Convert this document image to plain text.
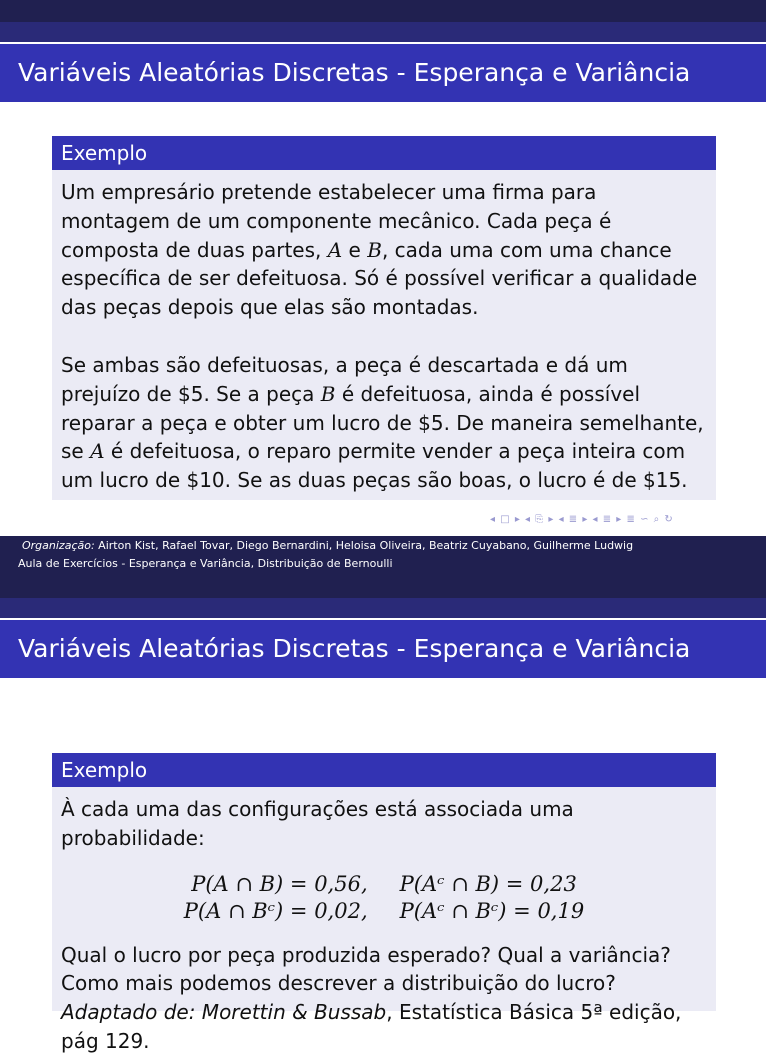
Variáveis Aleatórias Discretas - Esperança e Variância
Exemplo

Um empresário pretende estabelecer uma firma para montagem de um componente mecânico. Cada peça é composta de duas partes, A e B, cada uma com uma chance específica de ser defeituosa. Só é possível verificar a qualidade das peças depois que elas são montadas.

Se ambas são defeituosas, a peça é descartada e dá um prejuízo de $5. Se a peça B é defeituosa, ainda é possível reparar a peça e obter um lucro de $5. De maneira semelhante, se A é defeituosa, o reparo permite vender a peça inteira com um lucro de $10. Se as duas peças são boas, o lucro é de $15.

◂ □ ▸ ◂ ⎘ ▸ ◂ ≣ ▸ ◂ ≣ ▸ ≣ ∽ ⌕ ↻
Organização: Airton Kist, Rafael Tovar, Diego Bernardini, Heloisa Oliveira, Beatriz Cuyabano, Guilherme Ludwig
Aula de Exercícios - Esperança e Variância, Distribuição de Bernoulli
Variáveis Aleatórias Discretas - Esperança e Variância
Exemplo

À cada uma das configurações está associada uma probabilidade:

P(A ∩ B) = 0,56, P(Aᶜ ∩ B) = 0,23
P(A ∩ Bᶜ) = 0,02, P(Aᶜ ∩ Bᶜ) = 0,19

Qual o lucro por peça produzida esperado? Qual a variância? Como mais podemos descrever a distribuição do lucro? Adaptado de: Morettin & Bussab, Estatística Básica 5ª edição, pág 129.
